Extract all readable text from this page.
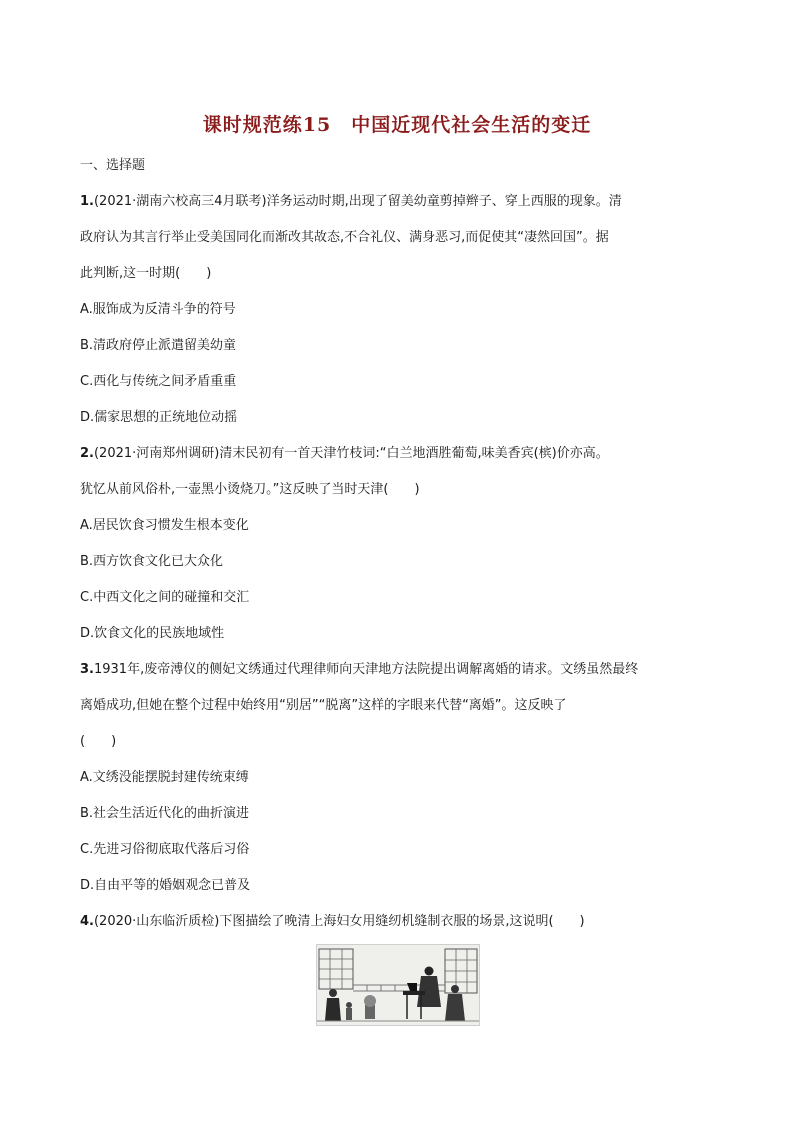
课时规范练15　中国近现代社会生活的变迁
一、选择题
1.(2021·湖南六校高三4月联考)洋务运动时期,出现了留美幼童剪掉辫子、穿上西服的现象。清
政府认为其言行举止受美国同化而渐改其故态,不合礼仪、满身恶习,而促使其“凄然回国”。据
此判断,这一时期(　　)
A.服饰成为反清斗争的符号
B.清政府停止派遣留美幼童
C.西化与传统之间矛盾重重
D.儒家思想的正统地位动摇
2.(2021·河南郑州调研)清末民初有一首天津竹枝词:“白兰地酒胜葡萄,味美香宾(槟)价亦高。
犹忆从前风俗朴,一壶黑小烫烧刀。”这反映了当时天津(　　)
A.居民饮食习惯发生根本变化
B.西方饮食文化已大众化
C.中西文化之间的碰撞和交汇
D.饮食文化的民族地域性
3.1931年,废帝溥仪的侧妃文绣通过代理律师向天津地方法院提出调解离婚的请求。文绣虽然最终
离婚成功,但她在整个过程中始终用“别居”“脱离”这样的字眼来代替“离婚”。这反映了
(　　)
A.文绣没能摆脱封建传统束缚
B.社会生活近代化的曲折演进
C.先进习俗彻底取代落后习俗
D.自由平等的婚姻观念已普及
4.(2020·山东临沂质检)下图描绘了晚清上海妇女用缝纫机缝制衣服的场景,这说明(　　)
